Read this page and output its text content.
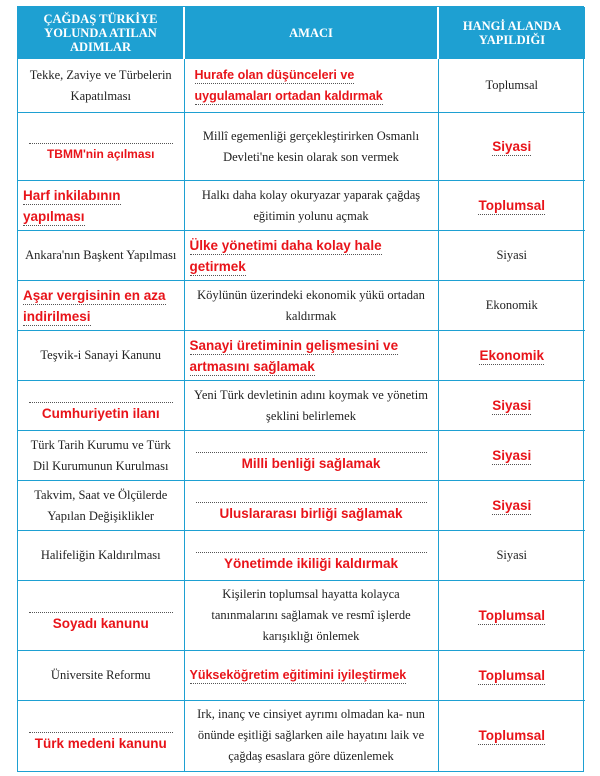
ÇAĞDAŞ TÜRKİYE YOLUNDA ATILAN ADIMLAR	AMACI	HANGİ ALANDA YAPILDIĞI

Tekke, Zaviye ve Türbelerin Kapatılması	Hurafe olan düşünceleri ve uygulamaları ortadan kaldırmak	Toplumsal

TBMM'nin açılması	Millî egemenliği gerçekleştirirken Osmanlı Devleti'ne kesin olarak son vermek	Siyasi

Harf inkilabının yapılması	Halkı daha kolay okuryazar yaparak çağdaş eğitimin yolunu açmak	Toplumsal

Ankara'nın Başkent Yapılması	Ülke yönetimi daha kolay hale getirmek	Siyasi

Aşar vergisinin en aza indirilmesi	Köylünün üzerindeki ekonomik yükü ortadan kaldırmak	Ekonomik

Teşvik-i Sanayi Kanunu	Sanayi üretiminin gelişmesini ve artmasını sağlamak	Ekonomik

Cumhuriyetin ilanı	Yeni Türk devletinin adını koymak ve yönetim şeklini belirlemek	Siyasi

Türk Tarih Kurumu ve Türk Dil Kurumunun Kurulması	Milli benliği sağlamak	Siyasi

Takvim, Saat ve Ölçülerde Yapılan Değişiklikler	Uluslararası birliği sağlamak	Siyasi

Halifeliğin Kaldırılması	Yönetimde ikiliği kaldırmak	Siyasi

Soyadı kanunu	Kişilerin toplumsal hayatta kolayca tanınmalarını sağlamak ve resmî işlerde karışıklığı önlemek	Toplumsal

Üniversite Reformu	Yükseköğretim eğitimini iyileştirmek	Toplumsal

Türk medeni kanunu	Irk, inanç ve cinsiyet ayrımı olmadan ka- nun önünde eşitliği sağlarken aile hayatını laik ve çağdaş esaslara göre düzenlemek	Toplumsal
